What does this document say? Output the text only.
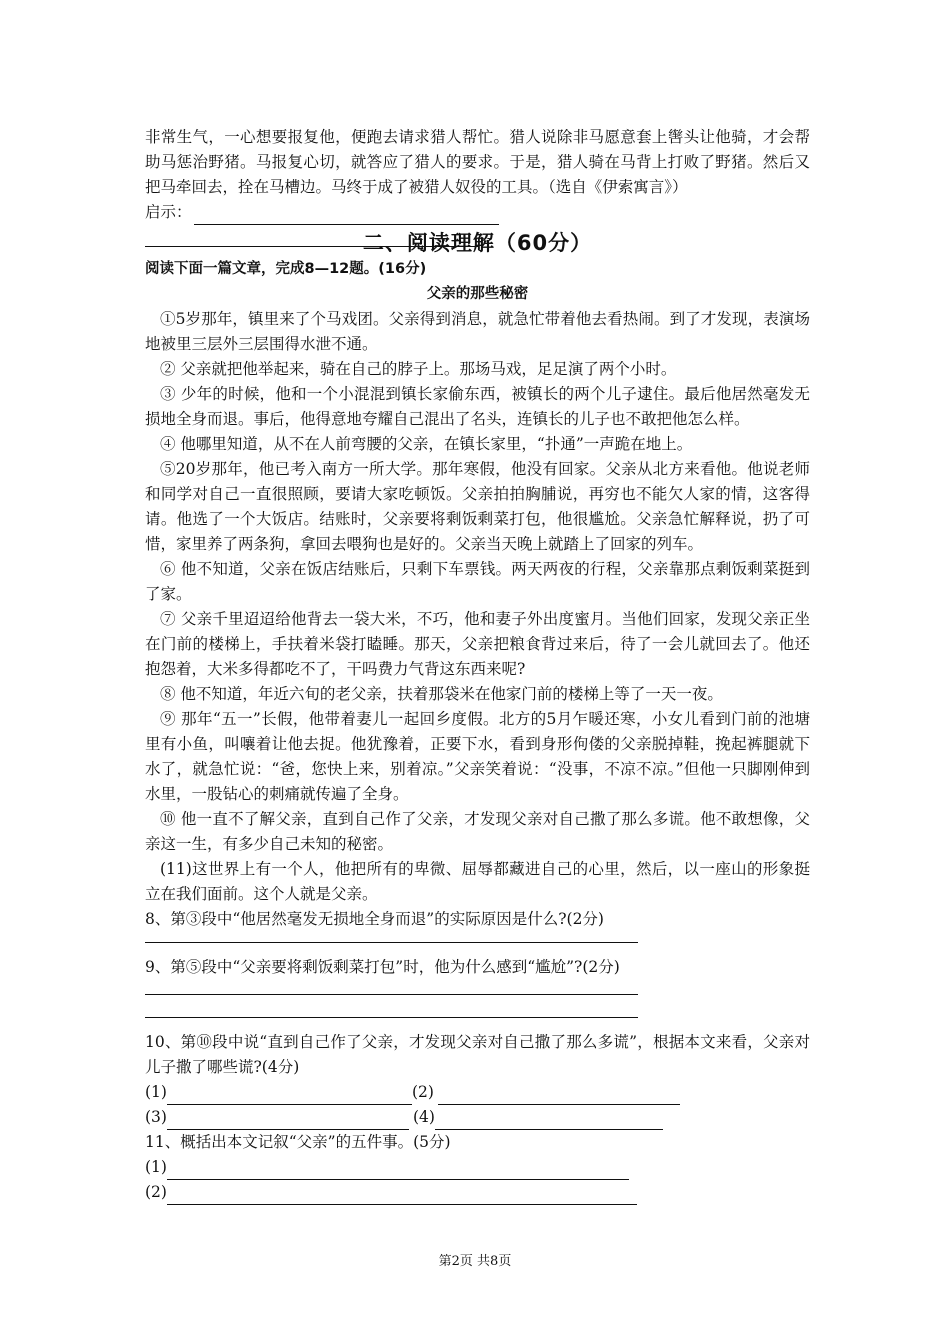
非常生气，一心想要报复他，便跑去请求猎人帮忙。猎人说除非马愿意套上辔头让他骑，才会帮助马惩治野猪。马报复心切，就答应了猎人的要求。于是，猎人骑在马背上打败了野猪。然后又把马牵回去，拴在马槽边。马终于成了被猎人奴役的工具。（选自《伊索寓言》）

启示：
二、阅读理解（60分）
阅读下面一篇文章，完成8—12题。(16分)
父亲的那些秘密

①5岁那年，镇里来了个马戏团。父亲得到消息，就急忙带着他去看热闹。到了才发现，表演场地被里三层外三层围得水泄不通。

② 父亲就把他举起来，骑在自己的脖子上。那场马戏，足足演了两个小时。

③ 少年的时候，他和一个小混混到镇长家偷东西，被镇长的两个儿子逮住。最后他居然毫发无损地全身而退。事后，他得意地夸耀自己混出了名头，连镇长的儿子也不敢把他怎么样。

④ 他哪里知道，从不在人前弯腰的父亲，在镇长家里，“扑通”一声跪在地上。

⑤20岁那年，他已考入南方一所大学。那年寒假，他没有回家。父亲从北方来看他。他说老师和同学对自己一直很照顾，要请大家吃顿饭。父亲拍拍胸脯说，再穷也不能欠人家的情，这客得请。他选了一个大饭店。结账时，父亲要将剩饭剩菜打包，他很尴尬。父亲急忙解释说，扔了可惜，家里养了两条狗，拿回去喂狗也是好的。父亲当天晚上就踏上了回家的列车。

⑥ 他不知道，父亲在饭店结账后，只剩下车票钱。两天两夜的行程，父亲靠那点剩饭剩菜挺到了家。

⑦ 父亲千里迢迢给他背去一袋大米，不巧，他和妻子外出度蜜月。当他们回家，发现父亲正坐在门前的楼梯上，手扶着米袋打瞌睡。那天，父亲把粮食背过来后，待了一会儿就回去了。他还抱怨着，大米多得都吃不了，干吗费力气背这东西来呢?

⑧ 他不知道，年近六旬的老父亲，扶着那袋米在他家门前的楼梯上等了一天一夜。

⑨ 那年“五一”长假，他带着妻儿一起回乡度假。北方的5月乍暖还寒，小女儿看到门前的池塘里有小鱼，叫嚷着让他去捉。他犹豫着，正要下水，看到身形佝偻的父亲脱掉鞋，挽起裤腿就下水了，就急忙说：“爸，您快上来，别着凉。”父亲笑着说：“没事，不凉不凉。”但他一只脚刚伸到水里，一股钻心的刺痛就传遍了全身。

⑩ 他一直不了解父亲，直到自己作了父亲，才发现父亲对自己撒了那么多谎。他不敢想像，父亲这一生，有多少自己未知的秘密。

(11)这世界上有一个人，他把所有的卑微、屈辱都藏进自己的心里，然后，以一座山的形象挺立在我们面前。这个人就是父亲。

8、第③段中“他居然毫发无损地全身而退”的实际原因是什么?(2分)

9、第⑤段中“父亲要将剩饭剩菜打包”时，他为什么感到“尴尬”?(2分)

10、第⑩段中说“直到自己作了父亲，才发现父亲对自己撒了那么多谎”，根据本文来看，父亲对儿子撒了哪些谎?(4分)

(1)	(2)
(3)	(4)

11、概括出本文记叙“父亲”的五件事。(5分)

(1)
(2)
第2页 共8页
